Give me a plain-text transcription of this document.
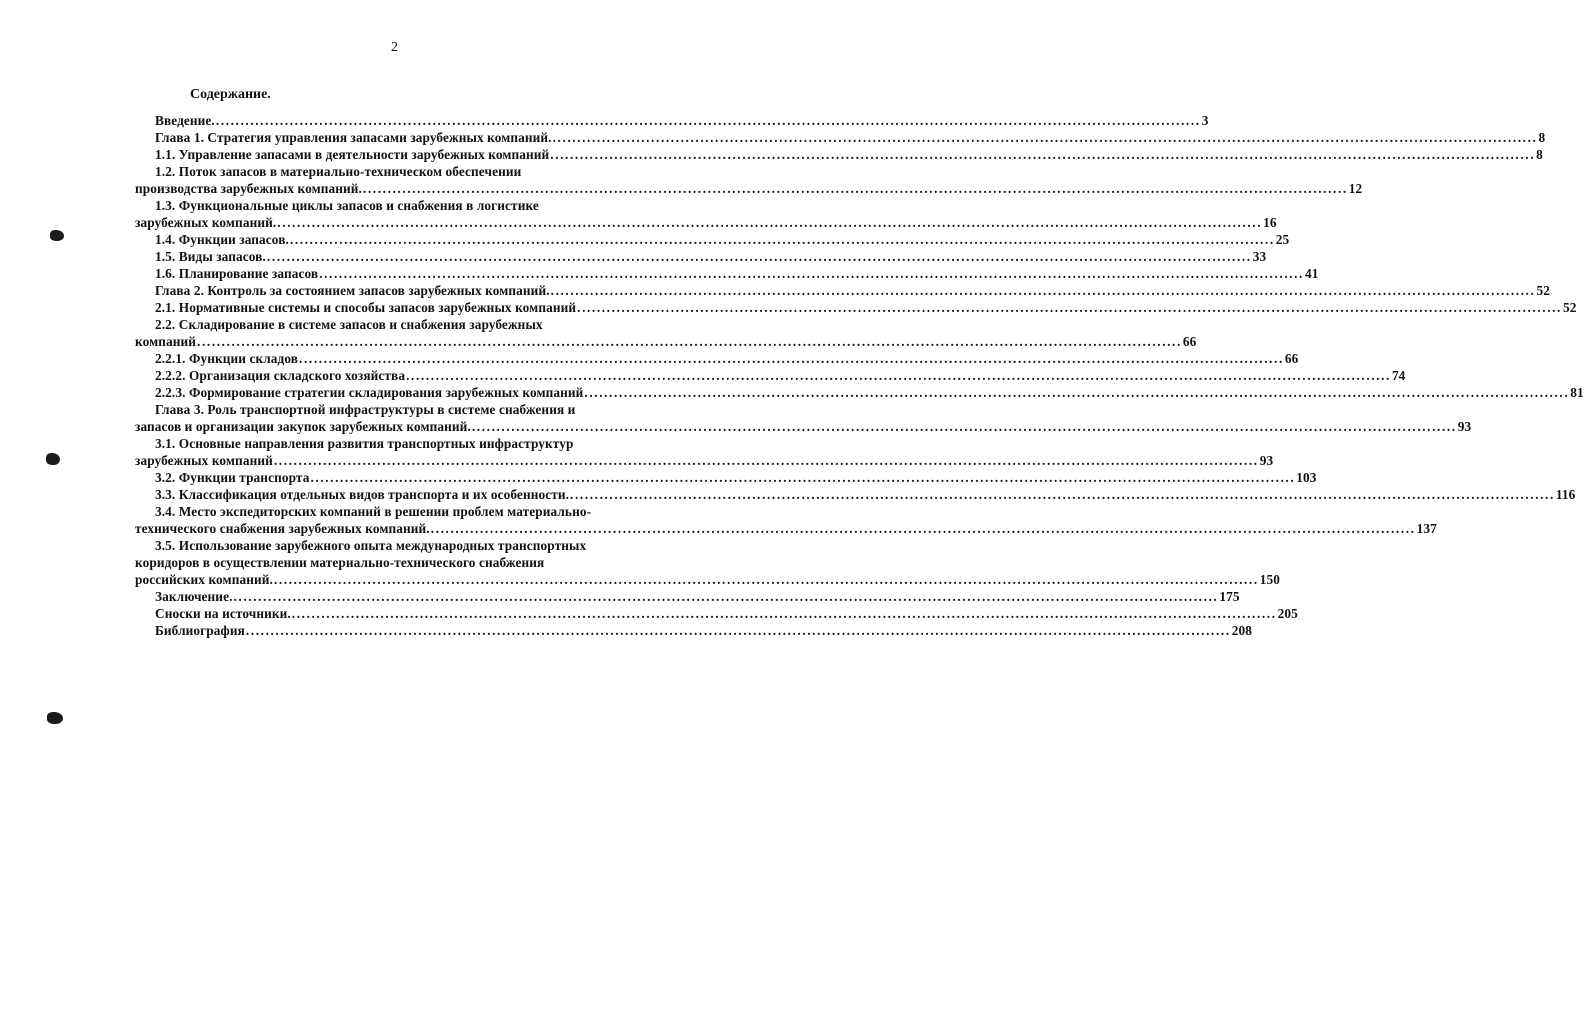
2
Содержание.
Введение. ........................................................................................................................................................................................................ 3
Глава 1. Стратегия управления запасами зарубежных компаний. ........................................................................................................................................................................................................ 8
1.1. Управление запасами в деятельности зарубежных компаний ........................................................................................................................................................................................................ 8
1.2. Поток запасов в материально-техническом обеспечении
производства зарубежных компаний. ........................................................................................................................................................................................................ 12
1.3. Функциональные циклы запасов и снабжения в логистике
зарубежных компаний. ........................................................................................................................................................................................................ 16
1.4. Функции запасов. ........................................................................................................................................................................................................ 25
1.5. Виды запасов. ........................................................................................................................................................................................................ 33
1.6. Планирование запасов ........................................................................................................................................................................................................ 41
Глава 2. Контроль за состоянием запасов зарубежных компаний. ........................................................................................................................................................................................................ 52
2.1. Нормативные системы и способы запасов зарубежных компаний ........................................................................................................................................................................................................ 52
2.2. Складирование в системе запасов и снабжения зарубежных
компаний ........................................................................................................................................................................................................ 66
2.2.1. Функции складов ........................................................................................................................................................................................................ 66
2.2.2. Организация складского хозяйства ........................................................................................................................................................................................................ 74
2.2.3. Формирование стратегии складирования зарубежных компаний ........................................................................................................................................................................................................ 81
Глава 3. Роль транспортной инфраструктуры в системе снабжения и
запасов и организации закупок зарубежных компаний. ........................................................................................................................................................................................................ 93
3.1. Основные направления развития транспортных инфраструктур
зарубежных компаний ........................................................................................................................................................................................................ 93
3.2. Функции транспорта ........................................................................................................................................................................................................ 103
3.3. Классификация отдельных видов транспорта и их особенности. ........................................................................................................................................................................................................ 116
3.4. Место экспедиторских компаний в решении проблем материально-
технического снабжения зарубежных компаний. ........................................................................................................................................................................................................ 137
3.5. Использование зарубежного опыта международных транспортных
коридоров в осуществлении материально-технического снабжения
российских компаний. ........................................................................................................................................................................................................ 150
Заключение. ........................................................................................................................................................................................................ 175
Сноски на источники. ........................................................................................................................................................................................................ 205
Библиография ........................................................................................................................................................................................................ 208
